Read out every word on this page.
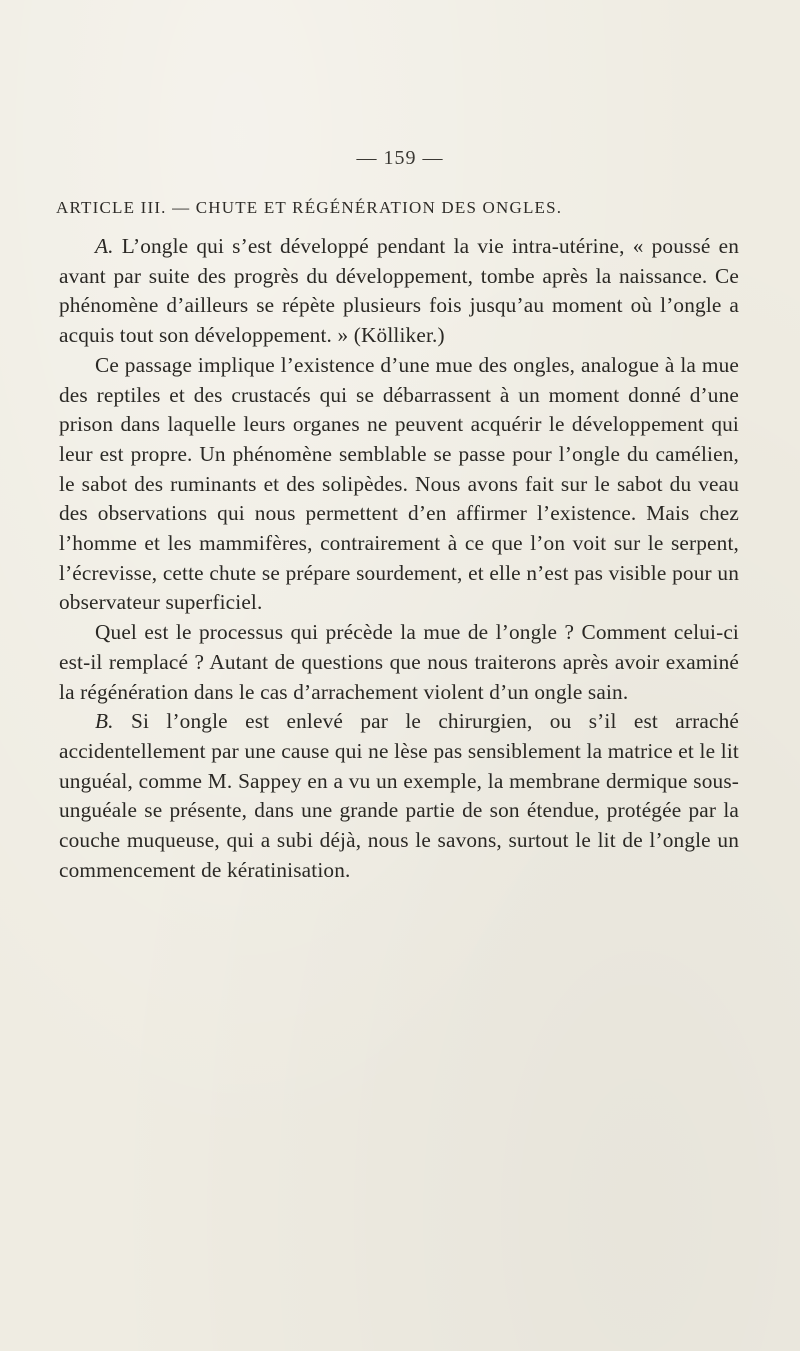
— 159 —
ARTICLE III. — CHUTE ET RÉGÉNÉRATION DES ONGLES.

A. L’ongle qui s’est développé pendant la vie intra-utérine, « poussé en avant par suite des progrès du développement, tombe après la naissance. Ce phénomène d’ailleurs se répète plusieurs fois jusqu’au moment où l’ongle a acquis tout son développement. » (Kölliker.)

Ce passage implique l’existence d’une mue des ongles, analogue à la mue des reptiles et des crustacés qui se débarrassent à un moment donné d’une prison dans laquelle leurs organes ne peuvent acquérir le développement qui leur est propre. Un phénomène semblable se passe pour l’ongle du camélien, le sabot des ruminants et des solipèdes. Nous avons fait sur le sabot du veau des observations qui nous permettent d’en affirmer l’existence. Mais chez l’homme et les mammifères, contrairement à ce que l’on voit sur le serpent, l’écrevisse, cette chute se prépare sourdement, et elle n’est pas visible pour un observateur superficiel.

Quel est le processus qui précède la mue de l’ongle ? Comment celui-ci est-il remplacé ? Autant de questions que nous traiterons après avoir examiné la régénération dans le cas d’arrachement violent d’un ongle sain.

B. Si l’ongle est enlevé par le chirurgien, ou s’il est arraché accidentellement par une cause qui ne lèse pas sensiblement la matrice et le lit unguéal, comme M. Sappey en a vu un exemple, la membrane dermique sous-unguéale se présente, dans une grande partie de son étendue, protégée par la couche muqueuse, qui a subi déjà, nous le savons, surtout le lit de l’ongle un commencement de kératinisation.
